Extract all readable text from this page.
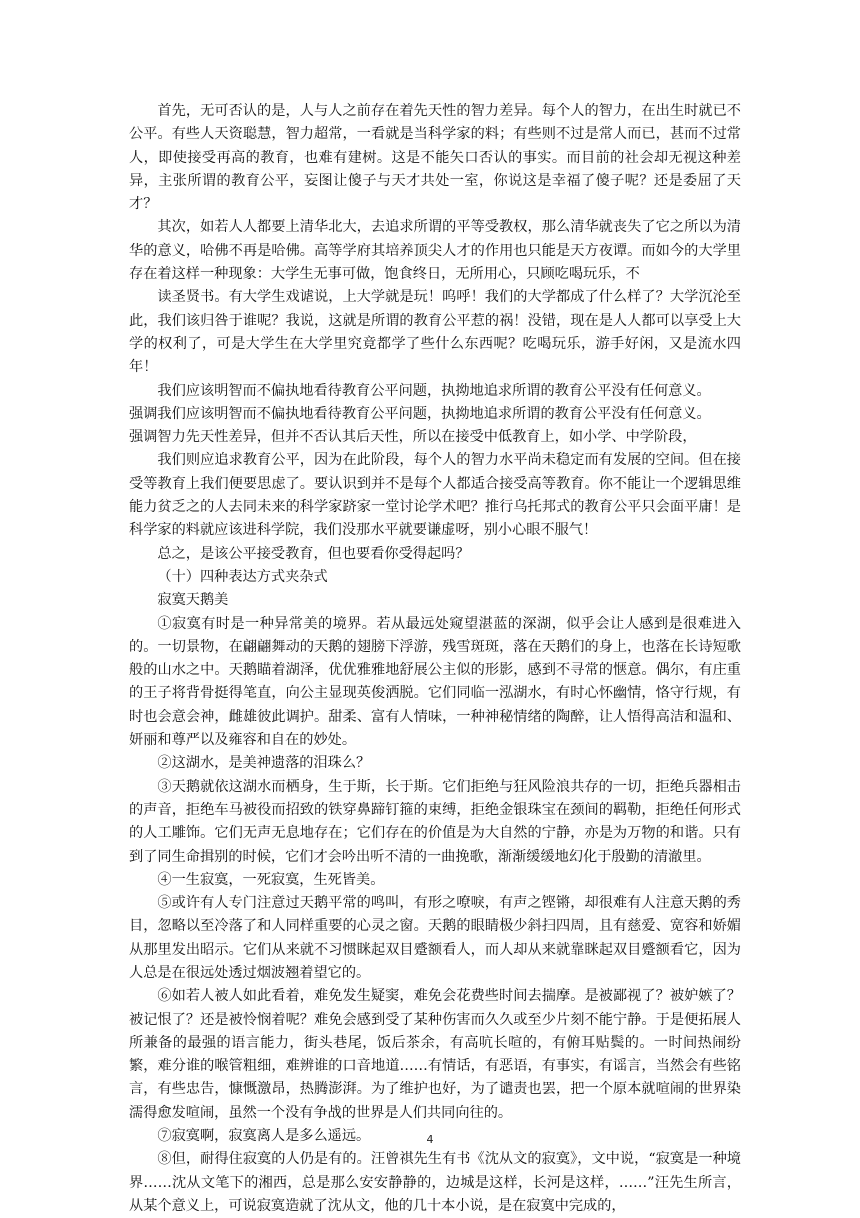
首先，无可否认的是，人与人之前存在着先天性的智力差异。每个人的智力，在出生时就已不公平。有些人天资聪慧，智力超常，一看就是当科学家的料；有些则不过是常人而已，甚而不过常人，即使接受再高的教育，也难有建树。这是不能矢口否认的事实。而目前的社会却无视这种差异，主张所谓的教育公平，妄图让傻子与天才共处一室，你说这是幸福了傻子呢？还是委屈了天才？

其次，如若人人都要上清华北大，去追求所谓的平等受教权，那么清华就丧失了它之所以为清华的意义，哈佛不再是哈佛。高等学府其培养顶尖人才的作用也只能是天方夜谭。而如今的大学里存在着这样一种现象：大学生无事可做，饱食终日，无所用心，只顾吃喝玩乐，不

读圣贤书。有大学生戏谑说，上大学就是玩！呜呼！我们的大学都成了什么样了？大学沉沦至此，我们该归咎于谁呢？我说，这就是所谓的教育公平惹的祸！没错，现在是人人都可以享受上大学的权利了，可是大学生在大学里究竟都学了些什么东西呢？吃喝玩乐，游手好闲，又是流水四年！

我们应该明智而不偏执地看待教育公平问题，执拗地追求所谓的教育公平没有任何意义。

强调我们应该明智而不偏执地看待教育公平问题，执拗地追求所谓的教育公平没有任何意义。

强调智力先天性差异，但并不否认其后天性，所以在接受中低教育上，如小学、中学阶段，

我们则应追求教育公平，因为在此阶段，每个人的智力水平尚未稳定而有发展的空间。但在接受等教育上我们便要思虑了。要认识到并不是每个人都适合接受高等教育。你不能让一个逻辑思维能力贫乏之的人去同未来的科学家跻家一堂讨论学术吧？推行乌托邦式的教育公平只会面平庸！是科学家的料就应该进科学院，我们没那水平就要谦虚呀，别小心眼不服气！

总之，是该公平接受教育，但也要看你受得起吗？

（十）四种表达方式夹杂式

寂寞天鹅美

①寂寞有时是一种异常美的境界。若从最远处窥望湛蓝的深湖，似乎会让人感到是很难进入的。一切景物，在翩翩舞动的天鹅的翅膀下浮游，残雪斑斑，落在天鹅们的身上，也落在长诗短歌般的山水之中。天鹅瞄着湖泽，优优雅雅地舒展公主似的形影，感到不寻常的惬意。偶尔，有庄重的王子将背骨挺得笔直，向公主显现英俊洒脱。它们同临一泓湖水，有时心怀幽情，恪守行规，有时也会意会神，雌雄彼此调护。甜柔、富有人情味，一种神秘情绪的陶醉，让人悟得高洁和温和、妍丽和尊严以及雍容和自在的妙处。

②这湖水，是美神遗落的泪珠么？

③天鹅就依这湖水而栖身，生于斯，长于斯。它们拒绝与狂风险浪共存的一切，拒绝兵器相击的声音，拒绝车马被役而招致的铁穿鼻蹄钉箍的束缚，拒绝金银珠宝在颈间的羁勒，拒绝任何形式的人工雕饰。它们无声无息地存在；它们存在的价值是为大自然的宁静，亦是为万物的和谐。只有到了同生命揖别的时候，它们才会吟出听不清的一曲挽歌，渐渐缓缓地幻化于殷勤的清澈里。

④一生寂寞，一死寂寞，生死皆美。

⑤或许有人专门注意过天鹅平常的鸣叫，有形之嘹唳，有声之铿锵，却很难有人注意天鹅的秀目，忽略以至冷落了和人同样重要的心灵之窗。天鹅的眼睛极少斜扫四周，且有慈爱、宽容和娇媚从那里发出昭示。它们从来就不习惯眯起双目蹙额看人，而人却从来就靠眯起双目蹙额看它，因为人总是在很远处透过烟波翘着望它的。

⑥如若人被人如此看着，难免发生疑窦，难免会花费些时间去揣摩。是被鄙视了？被妒嫉了？被记恨了？还是被怜悯着呢？难免会感到受了某种伤害而久久或至少片刻不能宁静。于是便拓展人所兼备的最强的语言能力，街头巷尾，饭后茶余，有高吭长喧的，有俯耳贴鬓的。一时间热闹纷繁，难分谁的喉管粗细，难辨谁的口音地道……有情话，有恶语，有事实，有谣言，当然会有些铭言，有些忠告，慷慨激昂，热腾澎湃。为了维护也好，为了谴责也罢，把一个原本就喧闹的世界染濡得愈发喧闹，虽然一个没有争战的世界是人们共同向往的。

⑦寂寞啊，寂寞离人是多么遥远。

⑧但，耐得住寂寞的人仍是有的。汪曾祺先生有书《沈从文的寂寞》，文中说，“寂寞是一种境界……沈从文笔下的湘西，总是那么安安静静的，边城是这样，长河是这样，……”汪先生所言，从某个意义上，可说寂寞造就了沈从文，他的几十本小说，是在寂寞中完成的，

4
